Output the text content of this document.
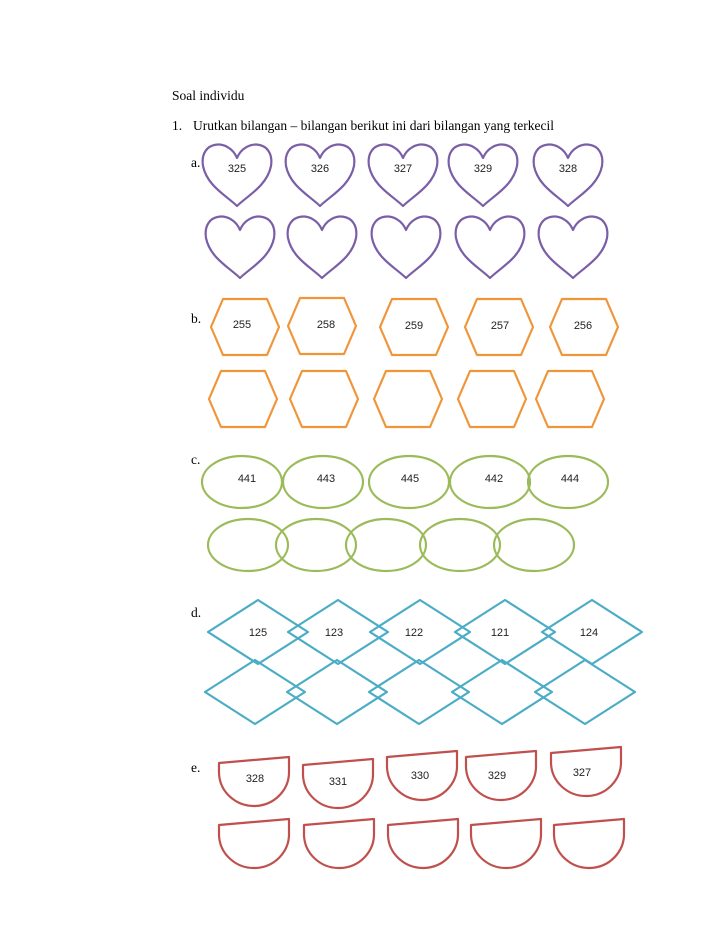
Soal individu
1. Urutkan bilangan – bilangan berikut ini dari bilangan yang terkecil
a.
b.
c.
d.
e.
325	326	327	329	328
255	258	259	257	256
441	443	445	442	444
125	123	122	121	124
328	331	330	329	327
